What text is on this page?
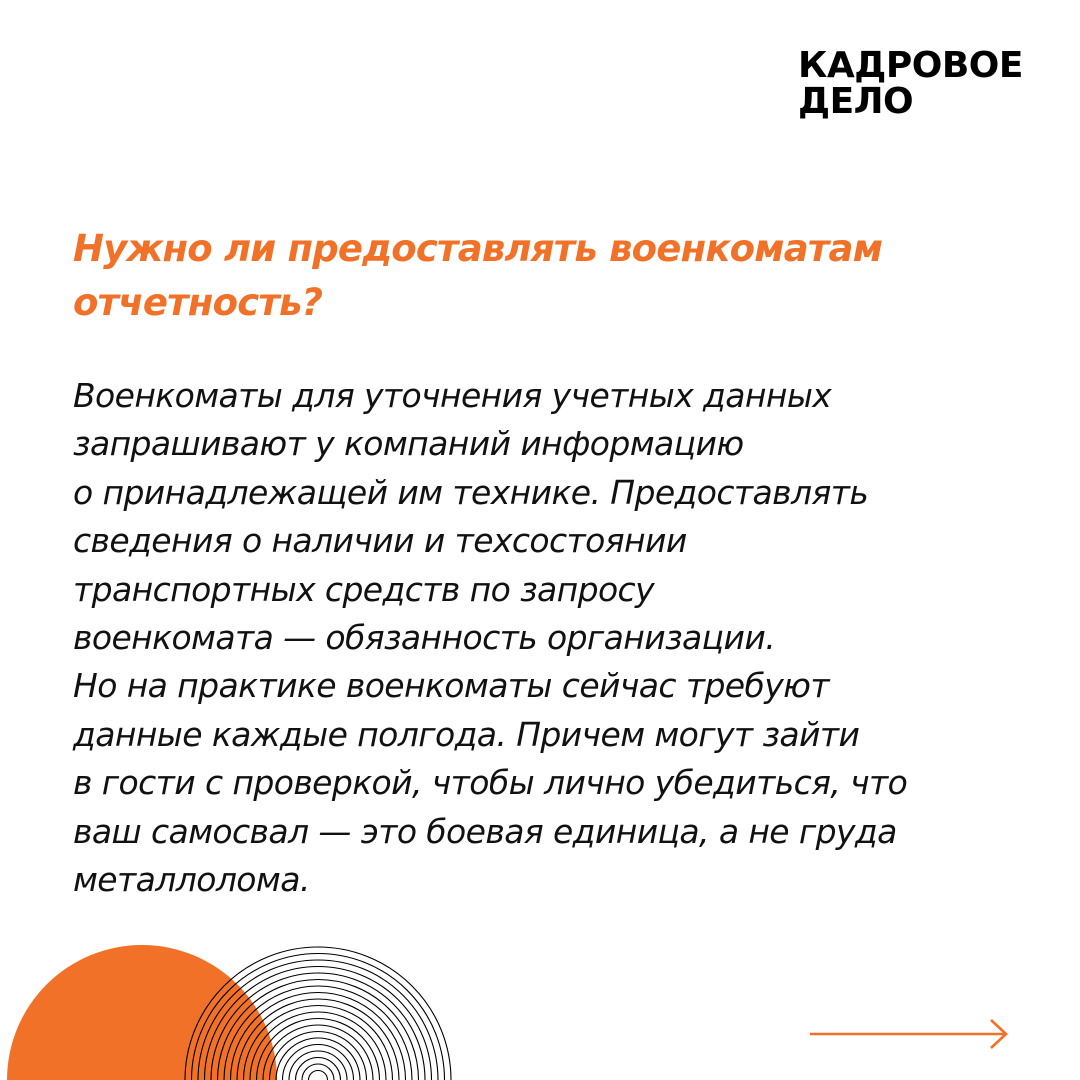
КАДРОВОЕ
ДЕЛО
Нужно ли предоставлять военкоматам
отчетность?
Военкоматы для уточнения учетных данных
запрашивают у компаний информацию
о принадлежащей им технике. Предоставлять
сведения о наличии и техсостоянии
транспортных средств по запросу
военкомата — обязанность организации.
Но на практике военкоматы сейчас требуют
данные каждые полгода. Причем могут зайти
в гости с проверкой, чтобы лично убедиться, что
ваш самосвал — это боевая единица, а не груда
металлолома.
